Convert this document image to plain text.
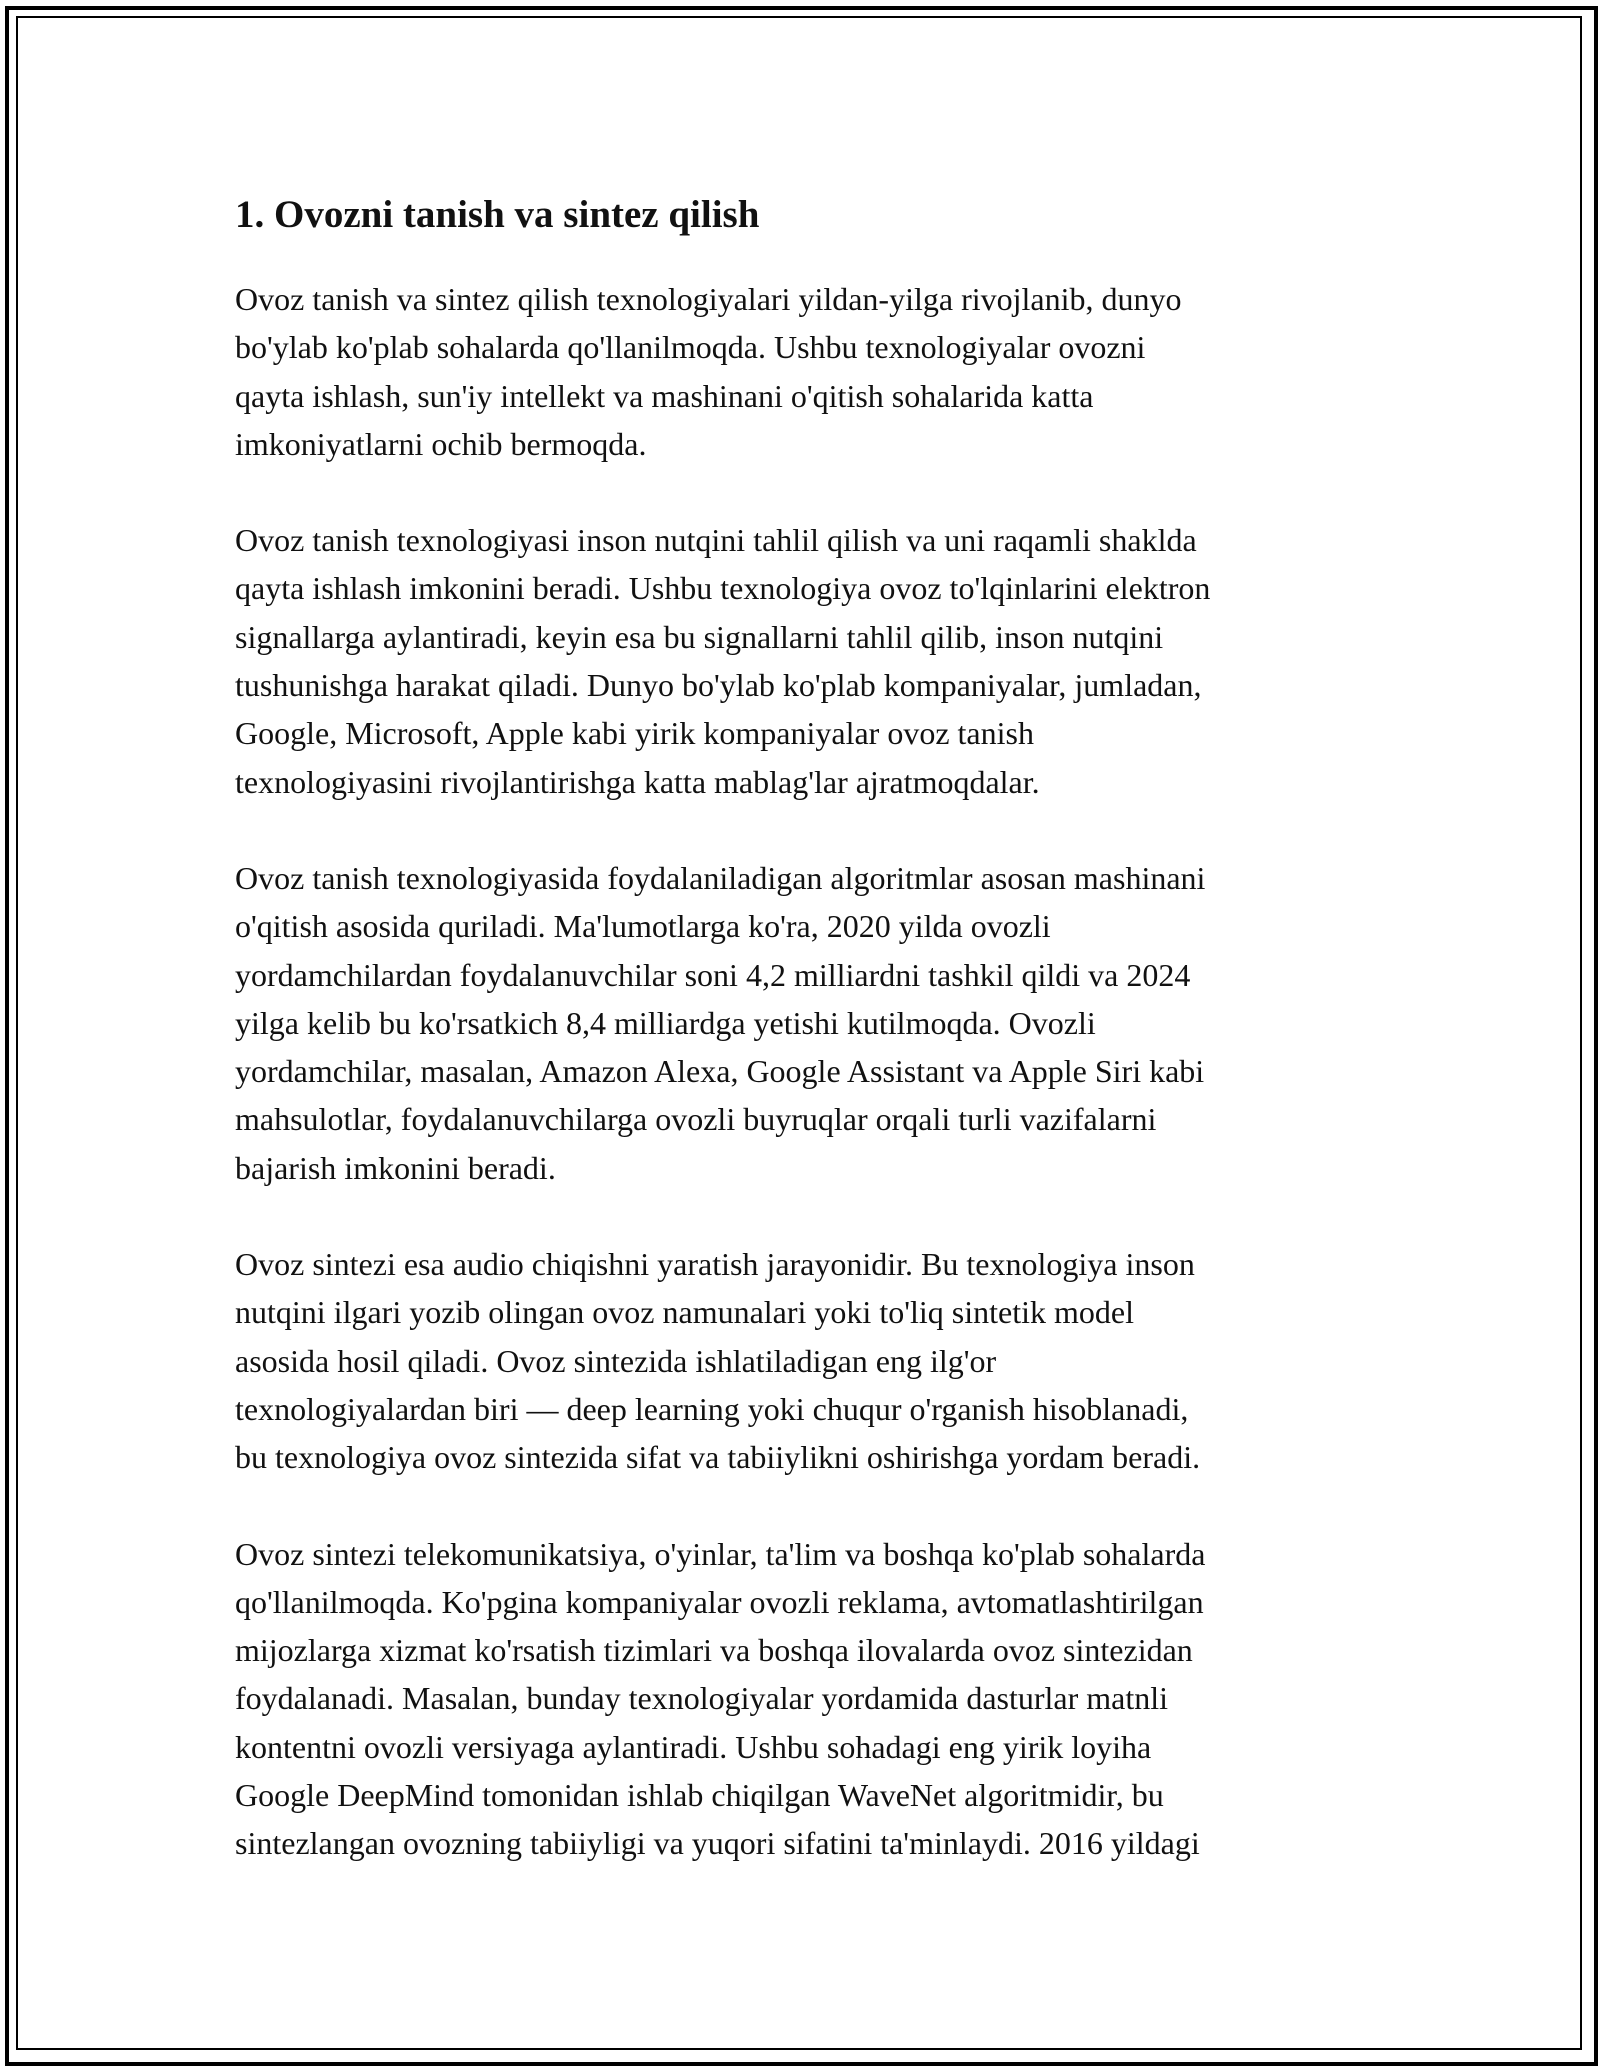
1. Ovozni tanish va sintez qilish

Ovoz tanish va sintez qilish texnologiyalari yildan-yilga rivojlanib, dunyo
bo'ylab ko'plab sohalarda qo'llanilmoqda. Ushbu texnologiyalar ovozni
qayta ishlash, sun'iy intellekt va mashinani o'qitish sohalarida katta
imkoniyatlarni ochib bermoqda.

Ovoz tanish texnologiyasi inson nutqini tahlil qilish va uni raqamli shakldа
qayta ishlash imkonini beradi. Ushbu texnologiya ovoz to'lqinlarini elektron
signallarga aylantiradi, keyin esa bu signallarni tahlil qilib, inson nutqini
tushunishga harakat qiladi. Dunyo bo'ylab ko'plab kompaniyalar, jumladan,
Google, Microsoft, Apple kabi yirik kompaniyalar ovoz tanish
texnologiyasini rivojlantirishga katta mablag'lar ajratmoqdalar.

Ovoz tanish texnologiyasida foydalaniladigan algoritmlar asosan mashinani
o'qitish asosida quriladi. Ma'lumotlarga ko'ra, 2020 yilda ovozli
yordamchilardan foydalanuvchilar soni 4,2 milliardni tashkil qildi va 2024
yilga kelib bu ko'rsatkich 8,4 milliardga yetishi kutilmoqda. Ovozli
yordamchilar, masalan, Amazon Alexa, Google Assistant va Apple Siri kabi
mahsulotlar, foydalanuvchilarga ovozli buyruqlar orqali turli vazifalarni
bajarish imkonini beradi.

Ovoz sintezi esa audio chiqishni yaratish jarayonidir. Bu texnologiya inson
nutqini ilgari yozib olingan ovoz namunalari yoki to'liq sintetik model
asosida hosil qiladi. Ovoz sintezida ishlatiladigan eng ilg'or
texnologiyalardan biri — deep learning yoki chuqur o'rganish hisoblanadi,
bu texnologiya ovoz sintezida sifat va tabiiylikni oshirishga yordam beradi.

Ovoz sintezi telekomunikatsiya, o'yinlar, ta'lim va boshqa ko'plab sohalarda
qo'llanilmoqda. Ko'pgina kompaniyalar ovozli reklama, avtomatlashtirilgan
mijozlarga xizmat ko'rsatish tizimlari va boshqa ilovalarda ovoz sintezidan
foydalanadi. Masalan, bunday texnologiyalar yordamida dasturlar matnli
kontentni ovozli versiyaga aylantiradi. Ushbu sohadagi eng yirik loyiha
Google DeepMind tomonidan ishlab chiqilgan WaveNet algoritmidir, bu
sintezlangan ovozning tabiiyligi va yuqori sifatini ta'minlaydi. 2016 yildagi
